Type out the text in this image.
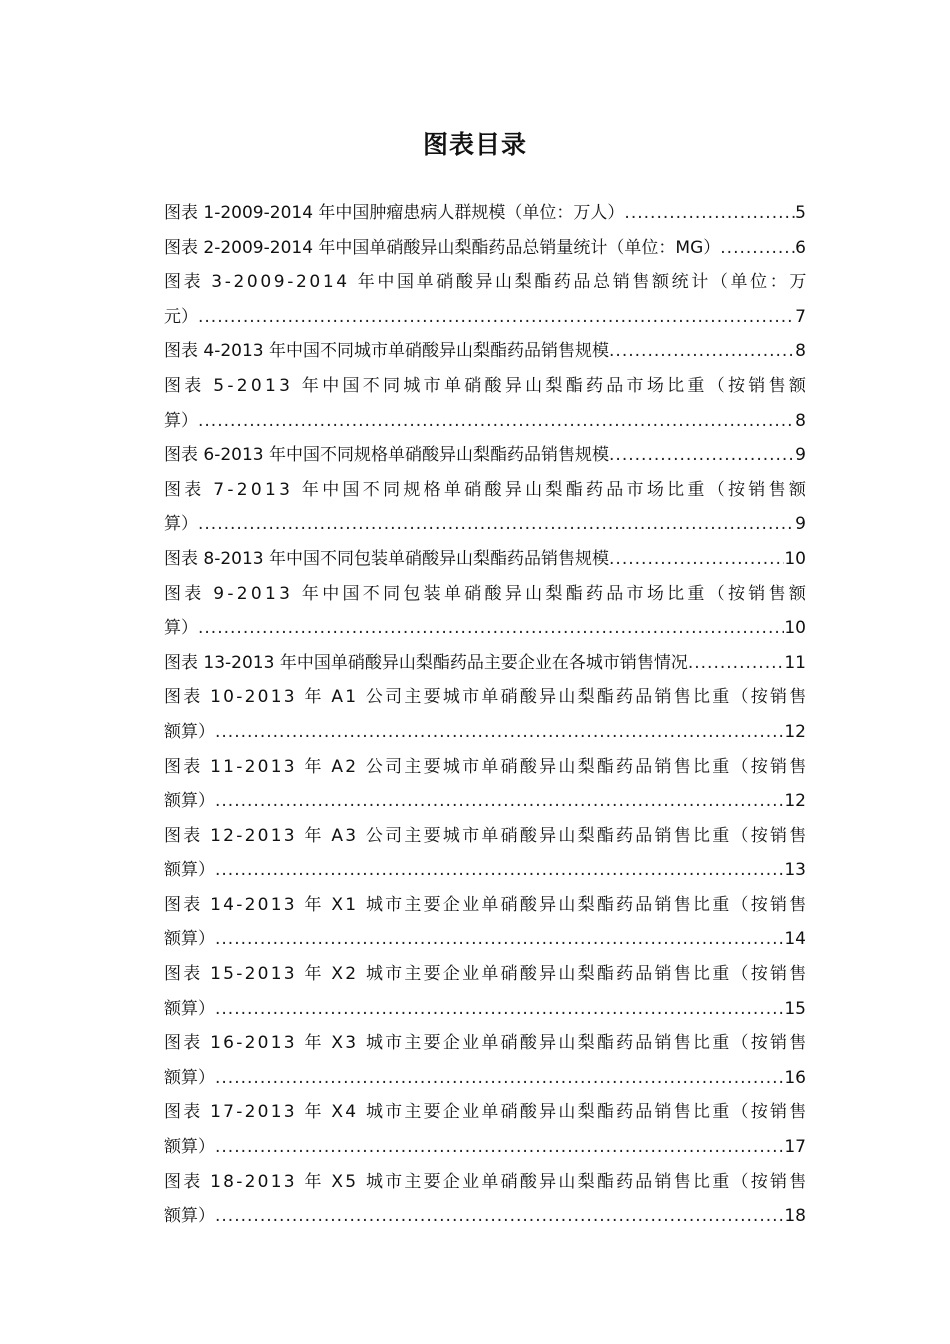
图表目录
图表 1-2009-2014 年中国肿瘤患病人群规模（单位：万人） .....	5
图表 2-2009-2014 年中国单硝酸异山梨酯药品总销量统计（单位：MG） .....	6
图表 3-2009-2014 年中国单硝酸异山梨酯药品总销售额统计（单位：万
元） .....	7
图表 4-2013 年中国不同城市单硝酸异山梨酯药品销售规模 .....	8
图表 5-2013 年中国不同城市单硝酸异山梨酯药品市场比重（按销售额
算） .....	8
图表 6-2013 年中国不同规格单硝酸异山梨酯药品销售规模 .....	9
图表 7-2013 年中国不同规格单硝酸异山梨酯药品市场比重（按销售额
算） .....	9
图表 8-2013 年中国不同包装单硝酸异山梨酯药品销售规模 .....	10
图表 9-2013 年中国不同包装单硝酸异山梨酯药品市场比重（按销售额
算） .....	10
图表 13-2013 年中国单硝酸异山梨酯药品主要企业在各城市销售情况 .....	11
图表 10-2013 年 A1 公司主要城市单硝酸异山梨酯药品销售比重（按销售
额算） .....	12
图表 11-2013 年 A2 公司主要城市单硝酸异山梨酯药品销售比重（按销售
额算） .....	12
图表 12-2013 年 A3 公司主要城市单硝酸异山梨酯药品销售比重（按销售
额算） .....	13
图表 14-2013 年 X1 城市主要企业单硝酸异山梨酯药品销售比重（按销售
额算） .....	14
图表 15-2013 年 X2 城市主要企业单硝酸异山梨酯药品销售比重（按销售
额算） .....	15
图表 16-2013 年 X3 城市主要企业单硝酸异山梨酯药品销售比重（按销售
额算） .....	16
图表 17-2013 年 X4 城市主要企业单硝酸异山梨酯药品销售比重（按销售
额算） .....	17
图表 18-2013 年 X5 城市主要企业单硝酸异山梨酯药品销售比重（按销售
额算） .....	18
